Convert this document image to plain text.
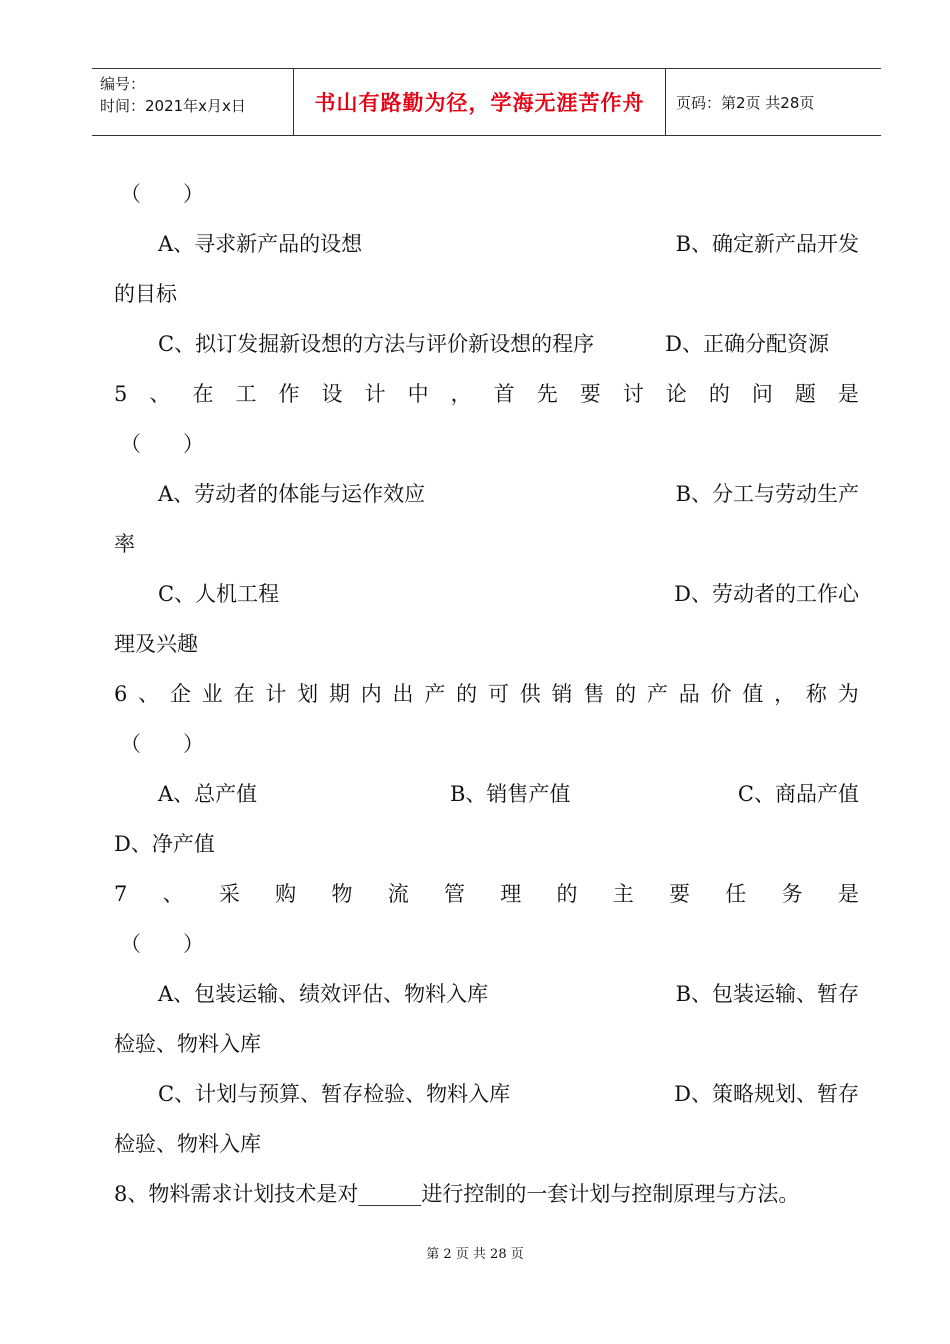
编号：
时间：2021年x月x日	书山有路勤为径，学海无涯苦作舟	页码：第2页 共28页
（　　）
A、寻求新产品的设想	B、确定新产品开发
的目标
C、拟订发掘新设想的方法与评价新设想的程序	D、正确分配资源
5 、 在 工 作 设 计 中 ， 首 先 要 讨 论 的 问 题 是
（　　）
A、劳动者的体能与运作效应	B、分工与劳动生产
率
C、人机工程	D、劳动者的工作心
理及兴趣
6 、 企 业 在 计 划 期 内 出 产 的 可 供 销 售 的 产 品 价 值 ， 称 为
（　　）
A、总产值	B、销售产值	C、商品产值
D、净产值
7 、 采 购 物 流 管 理 的 主 要 任 务 是
（　　）
A、包装运输、绩效评估、物料入库	B、包装运输、暂存
检验、物料入库
C、计划与预算、暂存检验、物料入库	D、策略规划、暂存
检验、物料入库
8、物料需求计划技术是对______进行控制的一套计划与控制原理与方法。
第 2 页 共 28 页
